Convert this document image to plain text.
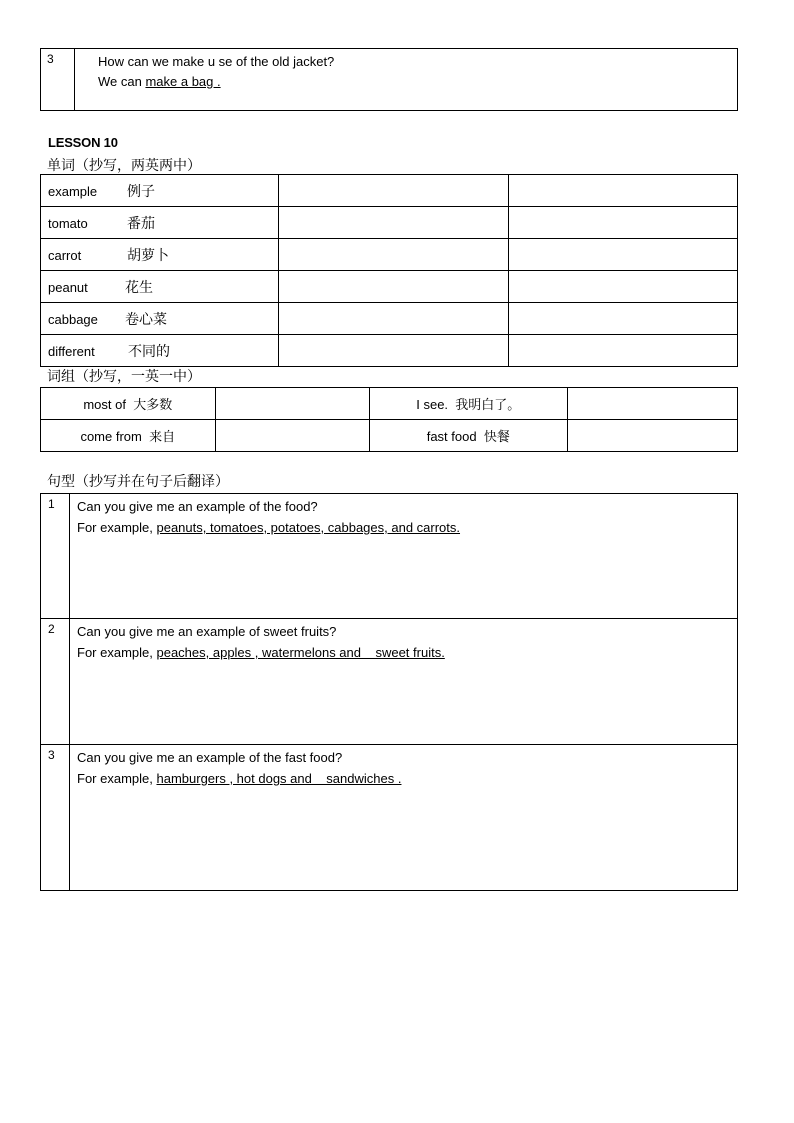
3	How can we make u se of the old jacket?
We can make a bag .
LESSON 10
单词（抄写，两英两中）
example 例子		
tomato 番茄		
carrot 胡萝卜		
peanut 花生		
cabbage 卷心菜		
different 不同的		
词组（抄写，一英一中）
most of 大多数		I see. 我明白了。	
come from 来自		fast food 快餐	
句型（抄写并在句子后翻译）
1	Can you give me an example of the food?
For example, peanuts, tomatoes, potatoes, cabbages, and carrots.

2	Can you give me an example of sweet fruits?
For example, peaches, apples , watermelons and    sweet fruits.

3	Can you give me an example of the fast food?
For example, hamburgers , hot dogs and    sandwiches .
